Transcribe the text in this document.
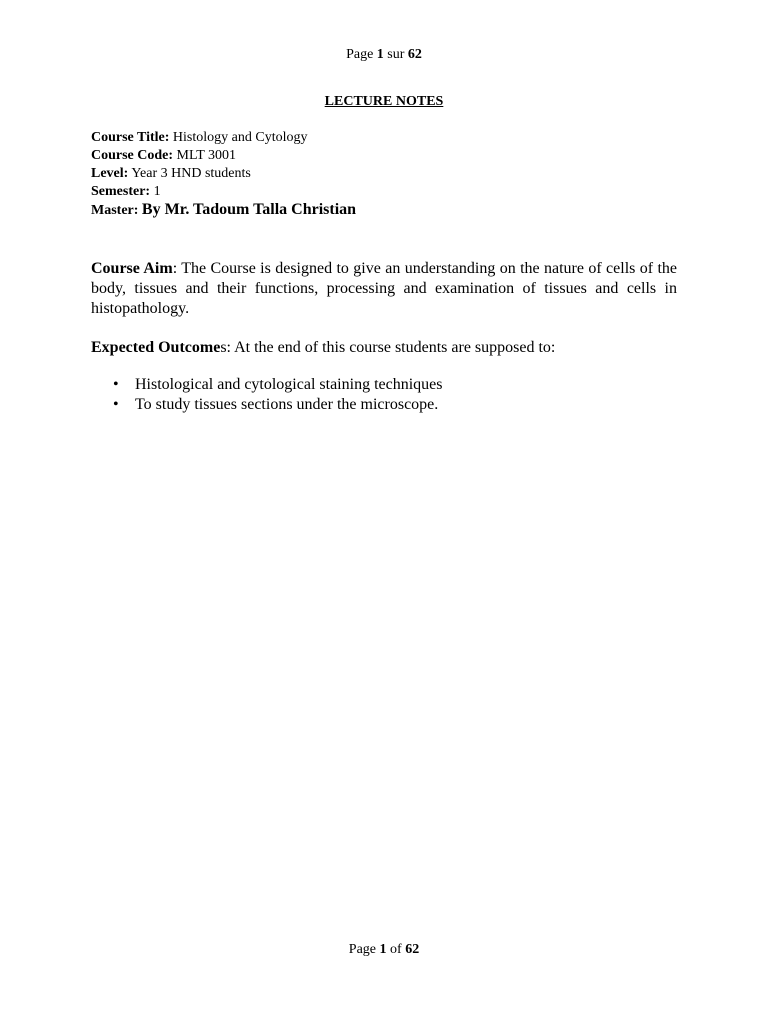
Page 1 sur 62
LECTURE NOTES
Course Title: Histology and Cytology
Course Code: MLT 3001
Level: Year 3 HND students
Semester: 1
Master: By Mr. Tadoum Talla Christian
Course Aim: The Course is designed to give an understanding on the nature of cells of the body, tissues and their functions, processing and examination of tissues and cells in histopathology.
Expected Outcomes: At the end of this course students are supposed to:
• Histological and cytological staining techniques
• To study tissues sections under the microscope.
Page 1 of 62
